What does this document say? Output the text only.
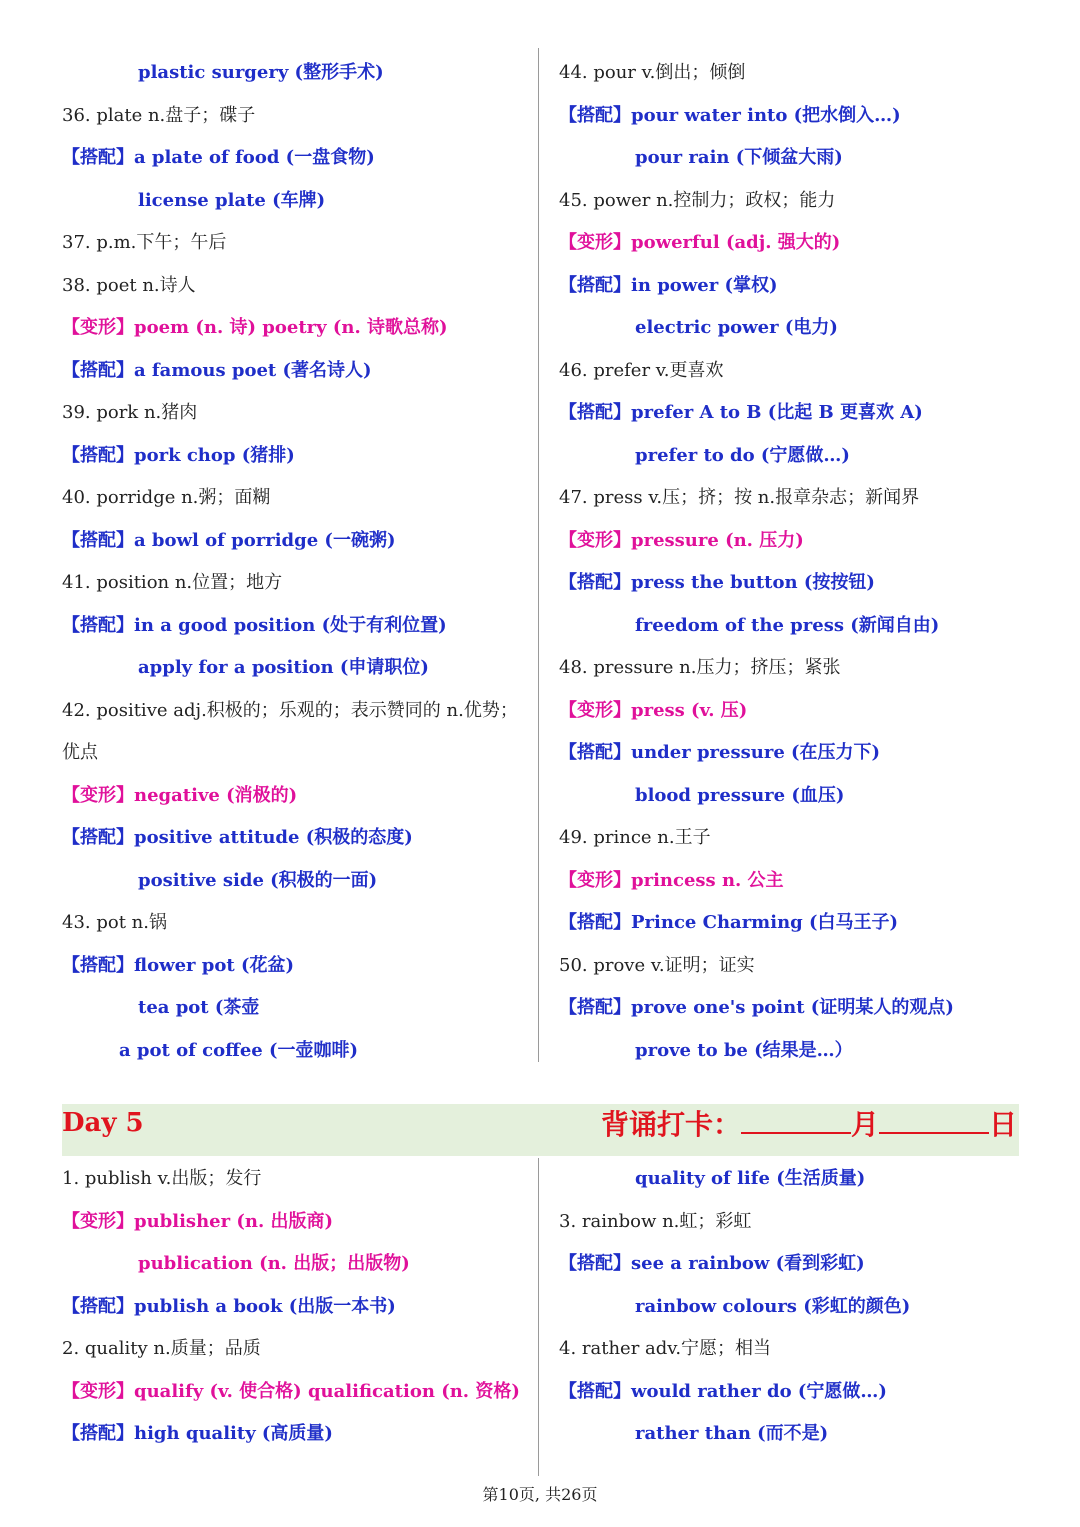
plastic surgery (整形手术)
36. plate n.盘子；碟子
【搭配】a plate of food (一盘食物)
license plate (车牌)
37. p.m.下午；午后
38. poet n.诗人
【变形】poem (n. 诗) poetry (n. 诗歌总称)
【搭配】a famous poet (著名诗人)
39. pork n.猪肉
【搭配】pork chop (猪排)
40. porridge n.粥；面糊
【搭配】a bowl of porridge (一碗粥)
41. position n.位置；地方
【搭配】in a good position (处于有利位置)
apply for a position (申请职位)
42. positive adj.积极的；乐观的；表示赞同的 n.优势；
优点
【变形】negative (消极的)
【搭配】positive attitude (积极的态度)
positive side (积极的一面)
43. pot n.锅
【搭配】flower pot (花盆)
tea pot (茶壶
a pot of coffee (一壶咖啡)
44. pour v.倒出；倾倒
【搭配】pour water into (把水倒入…)
pour rain (下倾盆大雨)
45. power n.控制力；政权；能力
【变形】powerful (adj. 强大的)
【搭配】in power (掌权)
electric power (电力)
46. prefer v.更喜欢
【搭配】prefer A to B (比起 B 更喜欢 A)
prefer to do (宁愿做…)
47. press v.压；挤；按 n.报章杂志；新闻界
【变形】pressure (n. 压力)
【搭配】press the button (按按钮)
freedom of the press (新闻自由)
48. pressure n.压力；挤压；紧张
【变形】press (v. 压)
【搭配】under pressure (在压力下)
blood pressure (血压)
49. prince n.王子
【变形】princess n. 公主
【搭配】Prince Charming (白马王子)
50. prove v.证明；证实
【搭配】prove one's point (证明某人的观点)
prove to be (结果是…）
Day 5	背诵打卡：	月	日
1. publish v.出版；发行
【变形】publisher (n. 出版商)
publication (n. 出版；出版物)
【搭配】publish a book (出版一本书)
2. quality n.质量；品质
【变形】qualify (v. 使合格) qualification (n. 资格)
【搭配】high quality (高质量)
quality of life (生活质量)
3. rainbow n.虹；彩虹
【搭配】see a rainbow (看到彩虹)
rainbow colours (彩虹的颜色)
4. rather adv.宁愿；相当
【搭配】would rather do (宁愿做…)
rather than (而不是)
第10页, 共26页
